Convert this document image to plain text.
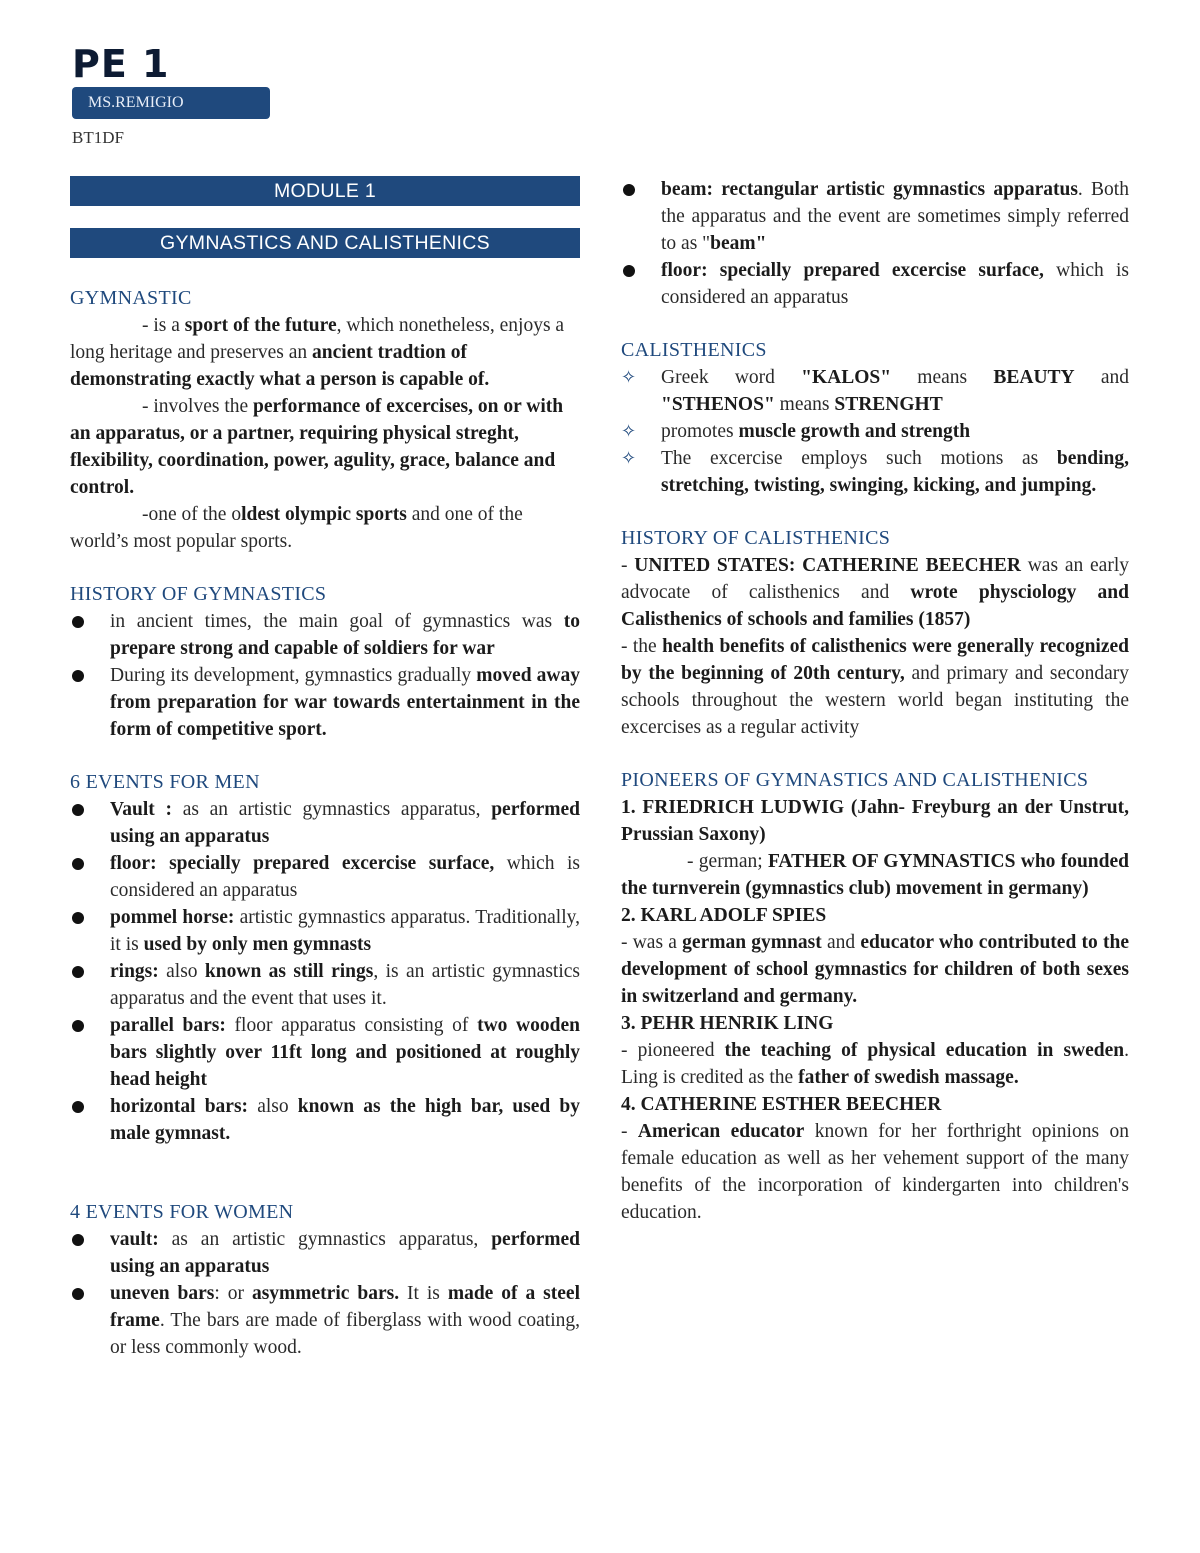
PE 1
MS.REMIGIO
BT1DF
MODULE 1
GYMNASTICS AND CALISTHENICS
GYMNASTIC

- is a sport of the future, which nonetheless, enjoys a long heritage and preserves an ancient tradtion of demonstrating exactly what a person is capable of.

- involves the performance of excercises, on or with an apparatus, or a partner, requiring physical streght, flexibility, coordination, power, agulity, grace, balance and control.

-one of the oldest olympic sports and one of the world’s most popular sports.

HISTORY OF GYMNASTICS
in ancient times, the main goal of gymnastics was to prepare strong and capable of soldiers for war
During its development, gymnastics gradually moved away from preparation for war towards entertainment in the form of competitive sport.
6 EVENTS FOR MEN
Vault : as an artistic gymnastics apparatus, performed using an apparatus
floor: specially prepared excercise surface, which is considered an apparatus
pommel horse: artistic gymnastics apparatus. Traditionally, it is used by only men gymnasts
rings: also known as still rings, is an artistic gymnastics apparatus and the event that uses it.
parallel bars: floor apparatus consisting of two wooden bars slightly over 11ft long and positioned at roughly head height
horizontal bars: also known as the high bar, used by male gymnast.
4 EVENTS FOR WOMEN
vault: as an artistic gymnastics apparatus, performed using an apparatus
uneven bars: or asymmetric bars. It is made of a steel frame. The bars are made of fiberglass with wood coating, or less commonly wood.
beam: rectangular artistic gymnastics apparatus. Both the apparatus and the event are sometimes simply referred to as "beam"
floor: specially prepared excercise surface, which is considered an apparatus
CALISTHENICS
✧ Greek word "KALOS" means BEAUTY and "STHENOS" means STRENGHT
✧ promotes muscle growth and strength
✧ The excercise employs such motions as bending, stretching, twisting, swinging, kicking, and jumping.
HISTORY OF CALISTHENICS

- UNITED STATES: CATHERINE BEECHER was an early advocate of calisthenics and wrote physciology and Calisthenics of schools and families (1857)

- the health benefits of calisthenics were generally recognized by the beginning of 20th century, and primary and secondary schools throughout the western world began instituting the excercises as a regular activity

PIONEERS OF GYMNASTICS AND CALISTHENICS

1. FRIEDRICH LUDWIG (Jahn- Freyburg an der Unstrut, Prussian Saxony)

- german; FATHER OF GYMNASTICS who founded the turnverein (gymnastics club) movement in germany)

2. KARL ADOLF SPIES

- was a german gymnast and educator who contributed to the development of school gymnastics for children of both sexes in switzerland and germany.

3. PEHR HENRIK LING

- pioneered the teaching of physical education in sweden. Ling is credited as the father of swedish massage.

4. CATHERINE ESTHER BEECHER

- American educator known for her forthright opinions on female education as well as her vehement support of the many benefits of the incorporation of kindergarten into children's education.
